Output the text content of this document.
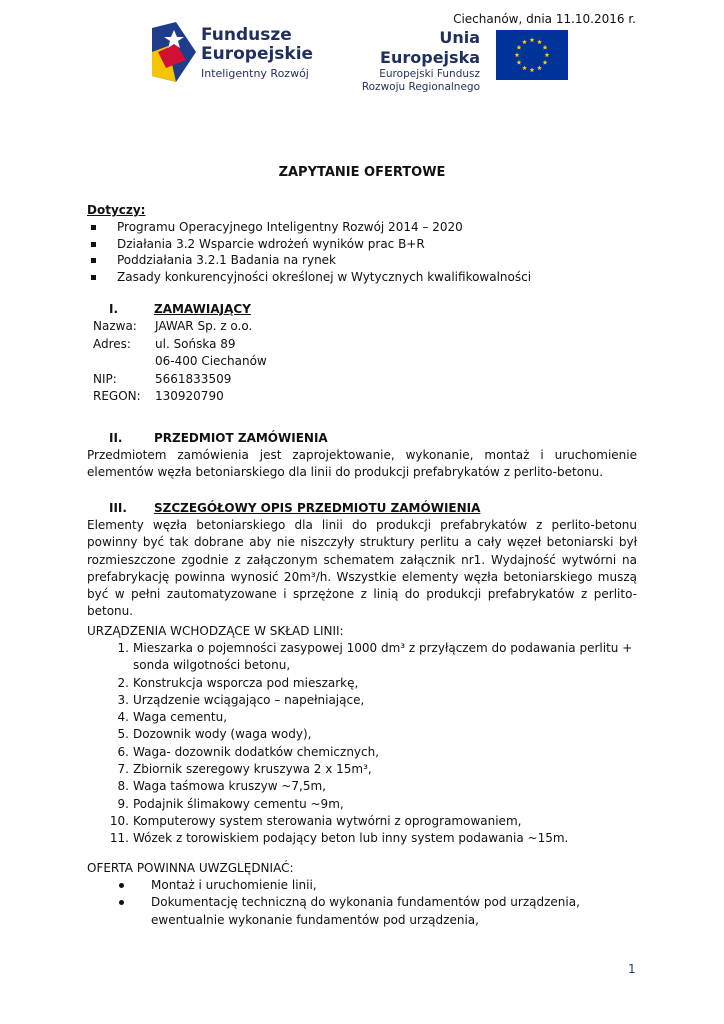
Fundusze
Europejskie
Inteligentny Rozwój
Unia Europejska
Europejski Fundusz
Rozwoju Regionalnego
Ciechanów, dnia 11.10.2016 r.
ZAPYTANIE OFERTOWE
Dotyczy:
Programu Operacyjnego Inteligentny Rozwój 2014 – 2020
Działania 3.2 Wsparcie wdrożeń wyników prac B+R
Poddziałania 3.2.1 Badania na rynek
Zasady konkurencyjności określonej w Wytycznych kwalifikowalności
I.	ZAMAWIAJĄCY
Nazwa:	JAWAR Sp. z o.o.
Adres:	ul. Sońska 89
06-400 Ciechanów
NIP:	5661833509
REGON:	130920790
II.	PRZEDMIOT ZAMÓWIENIA
Przedmiotem zamówienia jest zaprojektowanie, wykonanie, montaż i uruchomienie elementów węzła betoniarskiego dla linii do produkcji prefabrykatów z perlito-betonu.
III. SZCZEGÓŁOWY OPIS PRZEDMIOTU ZAMÓWIENIA
Elementy węzła betoniarskiego dla linii do produkcji prefabrykatów z perlito-betonu powinny być tak dobrane aby nie niszczyły struktury perlitu a cały węzeł betoniarski był rozmieszczone zgodnie z załączonym schematem załącznik nr1. Wydajność wytwórni na prefabrykację powinna wynosić 20m³/h. Wszystkie elementy węzła betoniarskiego muszą być w pełni zautomatyzowane i sprzężone z linią do produkcji prefabrykatów z perlito-betonu.
URZĄDZENIA WCHODZĄCE W SKŁAD LINII:
1. Mieszarka o pojemności zasypowej 1000 dm³ z przyłączem do podawania perlitu + sonda wilgotności betonu,
2. Konstrukcja wsporcza pod mieszarkę,
3. Urządzenie wciągająco – napełniające,
4. Waga cementu,
5. Dozownik wody (waga wody),
6. Waga- dozownik dodatków chemicznych,
7. Zbiornik szeregowy kruszywa 2 x 15m³,
8. Waga taśmowa kruszyw ~7,5m,
9. Podajnik ślimakowy cementu ~9m,
10. Komputerowy system sterowania wytwórni z oprogramowaniem,
11. Wózek z torowiskiem podający beton lub inny system podawania ~15m.
OFERTA POWINNA UWZGLĘDNIAĆ:
Montaż i uruchomienie linii,
Dokumentację techniczną do wykonania fundamentów pod urządzenia, ewentualnie wykonanie fundamentów pod urządzenia,
1
